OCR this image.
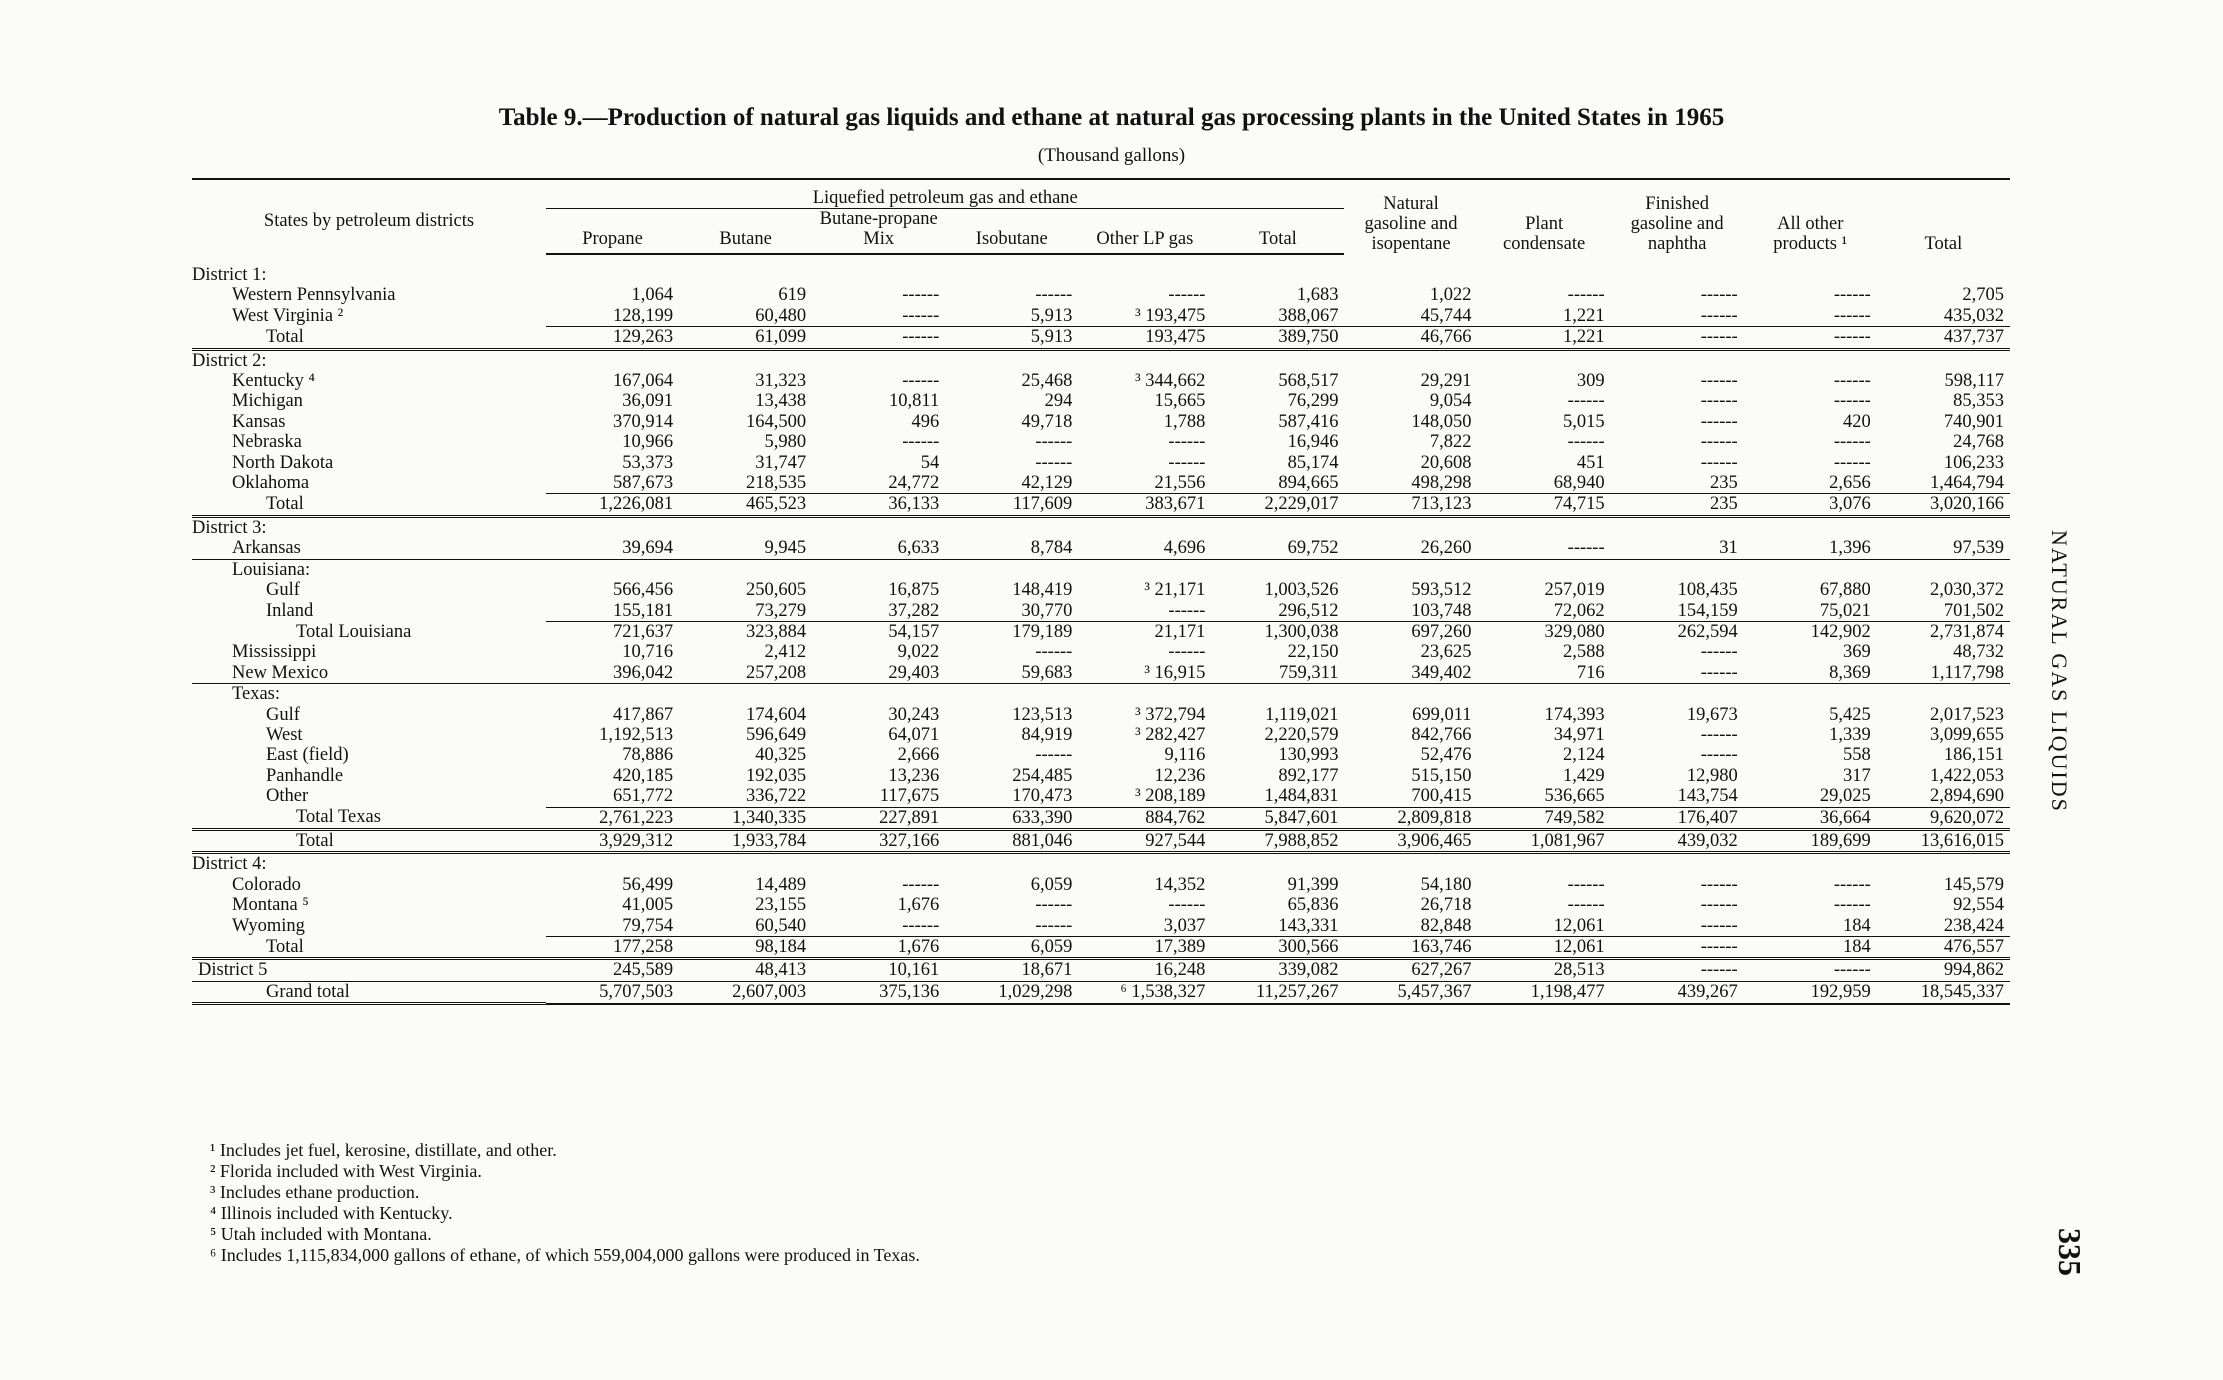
Table 9.—Production of natural gas liquids and ethane at natural gas processing plants in the United States in 1965
(Thousand gallons)
States by petroleum districts	Liquefied petroleum gas and ethane						Natural gasoline and isopentane	Plant condensate	Finished gasoline and naphtha	All other products ¹	Total
	Propane	Butane	Butane-propane Mix	Isobutane	Other LP gas	Total					

District 1:											
Western Pennsylvania	1,064	619	------	------	------	1,683	1,022	------	------	------	2,705
West Virginia ²	128,199	60,480	------	5,913	³ 193,475	388,067	45,744	1,221	------	------	435,032
Total	129,263	61,099	------	5,913	193,475	389,750	46,766	1,221	------	------	437,737
District 2:											
Kentucky ⁴	167,064	31,323	------	25,468	³ 344,662	568,517	29,291	309	------	------	598,117
Michigan	36,091	13,438	10,811	294	15,665	76,299	9,054	------	------	------	85,353
Kansas	370,914	164,500	496	49,718	1,788	587,416	148,050	5,015	------	420	740,901
Nebraska	10,966	5,980	------	------	------	16,946	7,822	------	------	------	24,768
North Dakota	53,373	31,747	54	------	------	85,174	20,608	451	------	------	106,233
Oklahoma	587,673	218,535	24,772	42,129	21,556	894,665	498,298	68,940	235	2,656	1,464,794
Total	1,226,081	465,523	36,133	117,609	383,671	2,229,017	713,123	74,715	235	3,076	3,020,166
District 3:											
Arkansas	39,694	9,945	6,633	8,784	4,696	69,752	26,260	------	31	1,396	97,539
Louisiana:											
Gulf	566,456	250,605	16,875	148,419	³ 21,171	1,003,526	593,512	257,019	108,435	67,880	2,030,372
Inland	155,181	73,279	37,282	30,770	------	296,512	103,748	72,062	154,159	75,021	701,502
Total Louisiana	721,637	323,884	54,157	179,189	21,171	1,300,038	697,260	329,080	262,594	142,902	2,731,874
Mississippi	10,716	2,412	9,022	------	------	22,150	23,625	2,588	------	369	48,732
New Mexico	396,042	257,208	29,403	59,683	³ 16,915	759,311	349,402	716	------	8,369	1,117,798
Texas:											
Gulf	417,867	174,604	30,243	123,513	³ 372,794	1,119,021	699,011	174,393	19,673	5,425	2,017,523
West	1,192,513	596,649	64,071	84,919	³ 282,427	2,220,579	842,766	34,971	------	1,339	3,099,655
East (field)	78,886	40,325	2,666	------	9,116	130,993	52,476	2,124	------	558	186,151
Panhandle	420,185	192,035	13,236	254,485	12,236	892,177	515,150	1,429	12,980	317	1,422,053
Other	651,772	336,722	117,675	170,473	³ 208,189	1,484,831	700,415	536,665	143,754	29,025	2,894,690
Total Texas	2,761,223	1,340,335	227,891	633,390	884,762	5,847,601	2,809,818	749,582	176,407	36,664	9,620,072
Total	3,929,312	1,933,784	327,166	881,046	927,544	7,988,852	3,906,465	1,081,967	439,032	189,699	13,616,015
District 4:											
Colorado	56,499	14,489	------	6,059	14,352	91,399	54,180	------	------	------	145,579
Montana ⁵	41,005	23,155	1,676	------	------	65,836	26,718	------	------	------	92,554
Wyoming	79,754	60,540	------	------	3,037	143,331	82,848	12,061	------	184	238,424
Total	177,258	98,184	1,676	6,059	17,389	300,566	163,746	12,061	------	184	476,557
District 5	245,589	48,413	10,161	18,671	16,248	339,082	627,267	28,513	------	------	994,862
Grand total	5,707,503	2,607,003	375,136	1,029,298	⁶ 1,538,327	11,257,267	5,457,367	1,198,477	439,267	192,959	18,545,337
¹ Includes jet fuel, kerosine, distillate, and other.
² Florida included with West Virginia.
³ Includes ethane production.
⁴ Illinois included with Kentucky.
⁵ Utah included with Montana.
⁶ Includes 1,115,834,000 gallons of ethane, of which 559,004,000 gallons were produced in Texas.
NATURAL GAS LIQUIDS
335
